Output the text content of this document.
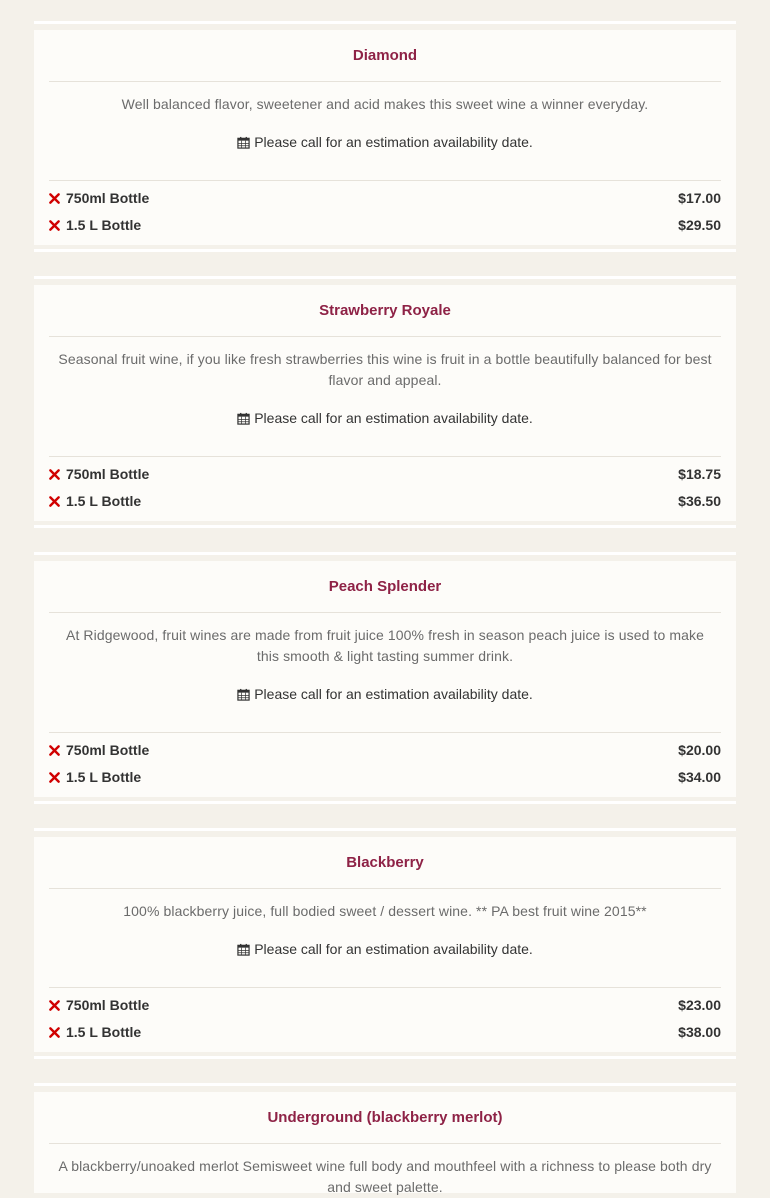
Diamond
Well balanced flavor, sweetener and acid makes this sweet wine a winner everyday.
Please call for an estimation availability date.
750ml Bottle	$17.00
1.5 L Bottle	$29.50
Strawberry Royale
Seasonal fruit wine, if you like fresh strawberries this wine is fruit in a bottle beautifully balanced for best flavor and appeal.
Please call for an estimation availability date.
750ml Bottle	$18.75
1.5 L Bottle	$36.50
Peach Splender
At Ridgewood, fruit wines are made from fruit juice 100% fresh in season peach juice is used to make this smooth & light tasting summer drink.
Please call for an estimation availability date.
750ml Bottle	$20.00
1.5 L Bottle	$34.00
Blackberry
100% blackberry juice, full bodied sweet / dessert wine. ** PA best fruit wine 2015**
Please call for an estimation availability date.
750ml Bottle	$23.00
1.5 L Bottle	$38.00
Underground (blackberry merlot)
A blackberry/unoaked merlot Semisweet wine full body and mouthfeel with a richness to please both dry and sweet palette.
